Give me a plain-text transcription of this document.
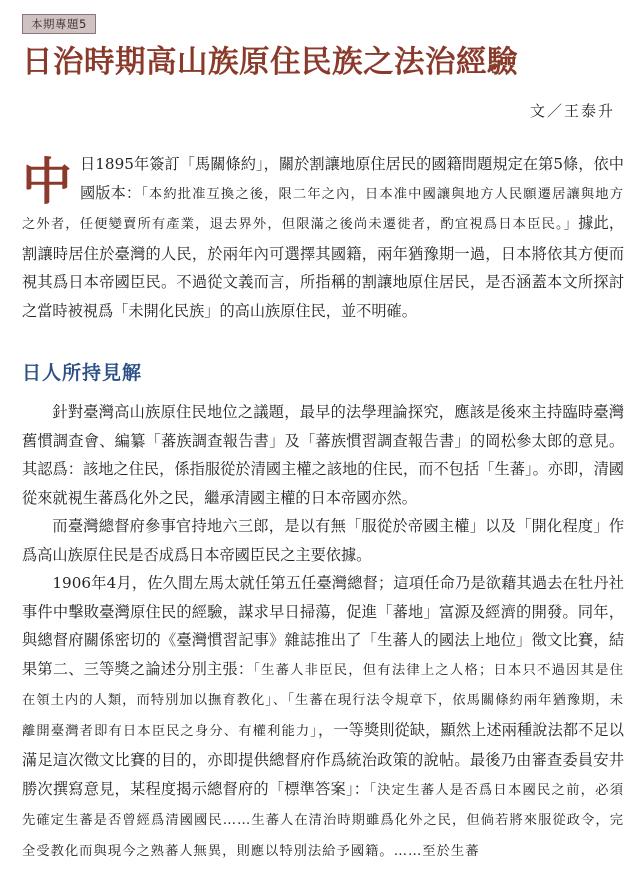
本期專題5
日治時期高山族原住民族之法治經驗
文／王泰升

中日1895年簽訂「馬關條約」，關於割讓地原住居民的國籍問題規定在第5條，依中國版本：「本約批准互換之後，限二年之內，日本准中國讓與地方人民願遷居讓與地方之外者，任便變賣所有產業，退去界外，但限滿之後尚未遷徙者，酌宜視爲日本臣民。」據此，割讓時居住於臺灣的人民，於兩年內可選擇其國籍，兩年猶豫期一過，日本將依其方便而視其爲日本帝國臣民。不過從文義而言，所指稱的割讓地原住居民，是否涵蓋本文所探討之當時被視爲「未開化民族」的高山族原住民，並不明確。

日人所持見解

針對臺灣高山族原住民地位之議題，最早的法學理論探究，應該是後來主持臨時臺灣舊慣調查會、編纂「蕃族調查報告書」及「蕃族慣習調查報告書」的岡松參太郎的意見。其認爲：該地之住民，係指服從於清國主權之該地的住民，而不包括「生蕃」。亦即，清國從來就視生蕃爲化外之民，繼承清國主權的日本帝國亦然。

而臺灣總督府參事官持地六三郎，是以有無「服從於帝國主權」以及「開化程度」作爲高山族原住民是否成爲日本帝國臣民之主要依據。

1906年4月，佐久間左馬太就任第五任臺灣總督；這項任命乃是欲藉其過去在牡丹社事件中擊敗臺灣原住民的經驗，謀求早日掃蕩，促進「蕃地」富源及經濟的開發。同年，與總督府關係密切的《臺灣慣習記事》雜誌推出了「生蕃人的國法上地位」徵文比賽，結果第二、三等獎之論述分別主張：「生蕃人非臣民，但有法律上之人格；日本只不過因其是住在領土内的人類，而特別加以撫育教化」、「生蕃在現行法令規章下，依馬關條約兩年猶豫期，未離開臺灣者即有日本臣民之身分、有權利能力」，一等獎則從缺，顯然上述兩種說法都不足以滿足這次徵文比賽的目的，亦即提供總督府作爲統治政策的說帖。最後乃由審查委員安井勝次撰寫意見，某程度揭示總督府的「標準答案」：「決定生蕃人是否爲日本國民之前，必須先確定生蕃是否曾經爲清國國民……生蕃人在清治時期雖爲化外之民，但倘若將來服從政令，完全受教化而與現今之熟蕃人無異，則應以特別法給予國籍。……至於生蕃
